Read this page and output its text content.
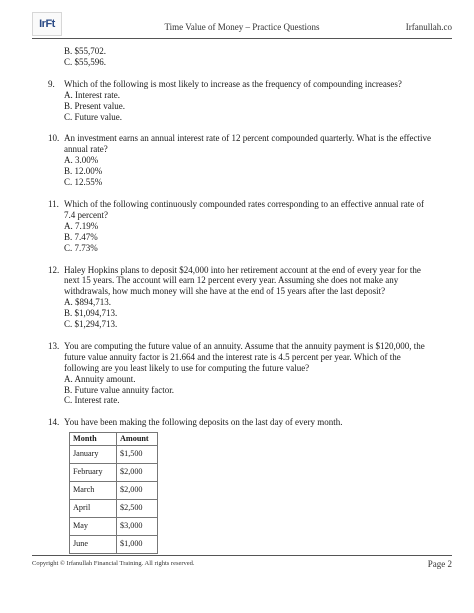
IrFt	Time Value of Money – Practice Questions	Irfanullah.co
B. $55,702.
C. $55,596.
9.	Which of the following is most likely to increase as the frequency of compounding increases?
A. Interest rate.
B. Present value.
C. Future value.
10. An investment earns an annual interest rate of 12 percent compounded quarterly. What is the effective annual rate?
A. 3.00%
B. 12.00%
C. 12.55%
11. Which of the following continuously compounded rates corresponding to an effective annual rate of 7.4 percent?
A. 7.19%
B. 7.47%
C. 7.73%
12. Haley Hopkins plans to deposit $24,000 into her retirement account at the end of every year for the next 15 years. The account will earn 12 percent every year. Assuming she does not make any withdrawals, how much money will she have at the end of 15 years after the last deposit?
A. $894,713.
B. $1,094,713.
C. $1,294,713.
13. You are computing the future value of an annuity. Assume that the annuity payment is $120,000, the future value annuity factor is 21.664 and the interest rate is 4.5 percent per year. Which of the following are you least likely to use for computing the future value?
A. Annuity amount.
B. Future value annuity factor.
C. Interest rate.
14. You have been making the following deposits on the last day of every month.
Month	Amount
January	$1,500
February	$2,000
March	$2,000
April	$2,500
May	$3,000
June	$1,000
Copyright © Irfanullah Financial Training. All rights reserved.	Page 2
